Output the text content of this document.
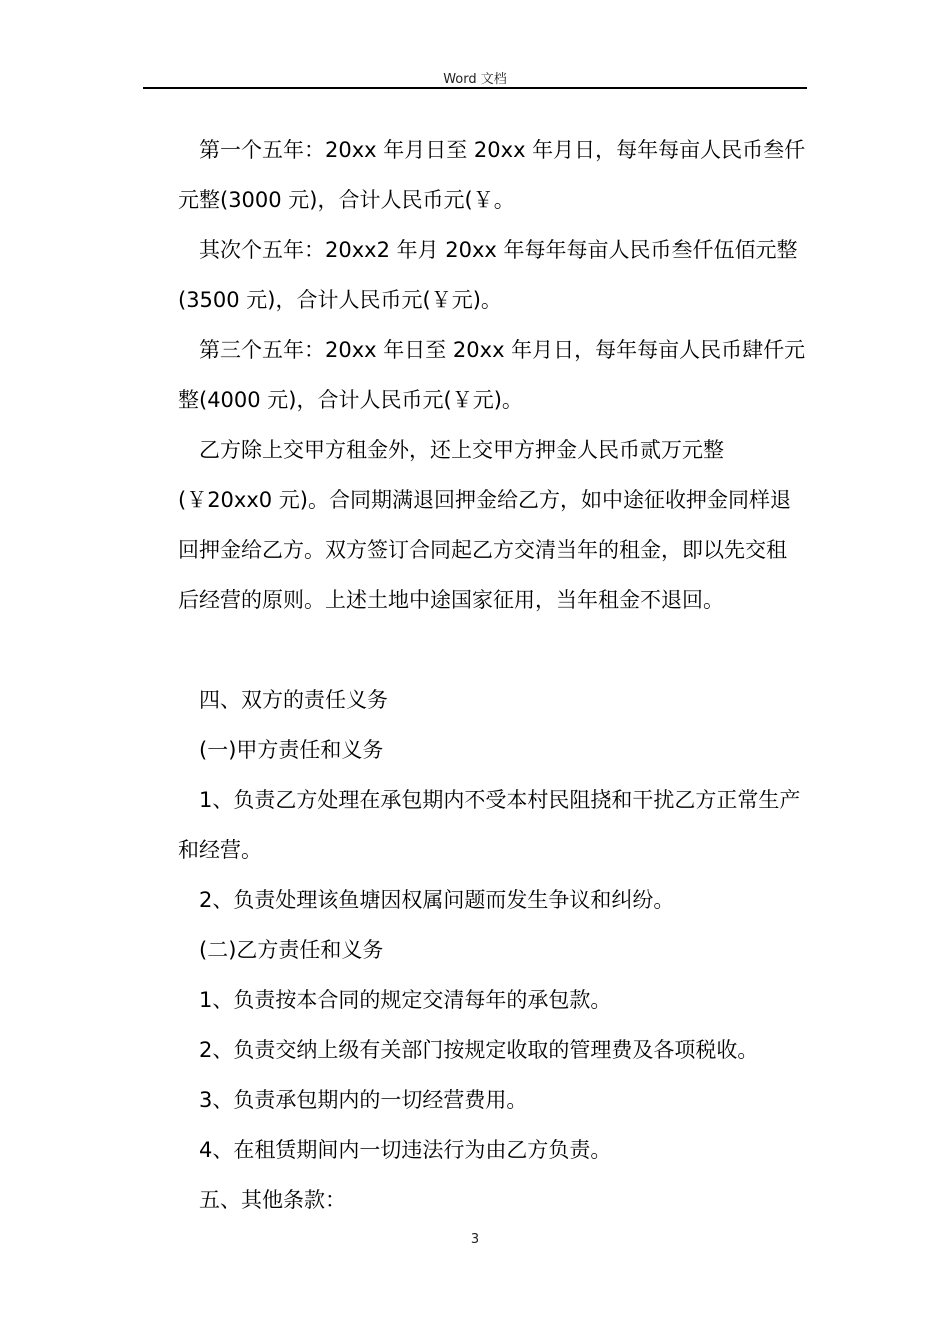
Word 文档

第一个五年：20xx 年月日至 20xx 年月日，每年每亩人民币叁仟元整(3000 元)，合计人民币元(￥。

其次个五年：20xx2 年月 20xx 年每年每亩人民币叁仟伍佰元整(3500 元)，合计人民币元(￥元)。

第三个五年：20xx 年日至 20xx 年月日，每年每亩人民币肆仟元整(4000 元)，合计人民币元(￥元)。

乙方除上交甲方租金外，还上交甲方押金人民币贰万元整(￥20xx0 元)。合同期满退回押金给乙方，如中途征收押金同样退回押金给乙方。双方签订合同起乙方交清当年的租金，即以先交租后经营的原则。上述土地中途国家征用，当年租金不退回。

四、双方的责任义务

(一)甲方责任和义务

1、负责乙方处理在承包期内不受本村民阻挠和干扰乙方正常生产和经营。

2、负责处理该鱼塘因权属问题而发生争议和纠纷。

(二)乙方责任和义务

1、负责按本合同的规定交清每年的承包款。

2、负责交纳上级有关部门按规定收取的管理费及各项税收。

3、负责承包期内的一切经营费用。

4、在租赁期间内一切违法行为由乙方负责。

五、其他条款：

3
